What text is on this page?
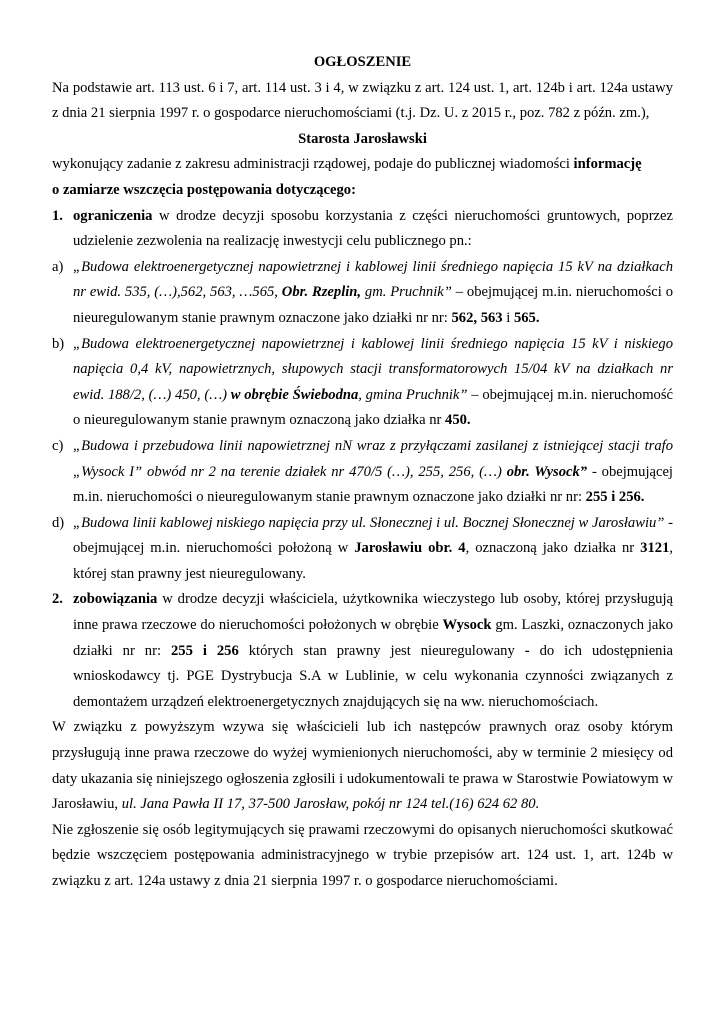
OGŁOSZENIE

Na podstawie art. 113 ust. 6 i 7, art. 114 ust. 3 i 4, w związku z art. 124 ust. 1, art. 124b i art. 124a ustawy z dnia 21 sierpnia 1997 r. o gospodarce nieruchomościami (t.j. Dz. U. z 2015 r., poz. 782 z późn. zm.),

Starosta Jarosławski

wykonujący zadanie z zakresu administracji rządowej, podaje do publicznej wiadomości informację
o zamiarze wszczęcia postępowania dotyczącego:

1. ograniczenia w drodze decyzji sposobu korzystania z części nieruchomości gruntowych, poprzez udzielenie zezwolenia na realizację inwestycji celu publicznego pn.:
a) „Budowa elektroenergetycznej napowietrznej i kablowej linii średniego napięcia 15 kV na działkach nr ewid. 535, (…),562, 563, …565, Obr. Rzeplin, gm. Pruchnik” – obejmującej m.in. nieruchomości o nieuregulowanym stanie prawnym oznaczone jako działki nr nr: 562, 563 i 565.
b) „Budowa elektroenergetycznej napowietrznej i kablowej linii średniego napięcia 15 kV i niskiego napięcia 0,4 kV, napowietrznych, słupowych stacji transformatorowych 15/04 kV na działkach nr ewid. 188/2, (…) 450, (…) w obrębie Świebodna, gmina Pruchnik” – obejmującej m.in. nieruchomość o nieuregulowanym stanie prawnym oznaczoną jako działka nr 450.
c) „Budowa i przebudowa linii napowietrznej nN wraz z przyłączami zasilanej z istniejącej stacji trafo „Wysock I” obwód nr 2 na terenie działek nr 470/5 (…), 255, 256, (…) obr. Wysock” - obejmującej m.in. nieruchomości o nieuregulowanym stanie prawnym oznaczone jako działki nr nr: 255 i 256.
d) „Budowa linii kablowej niskiego napięcia przy ul. Słonecznej i ul. Bocznej Słonecznej w Jarosławiu” - obejmującej m.in. nieruchomości położoną w Jarosławiu obr. 4, oznaczoną jako działka nr 3121, której stan prawny jest nieuregulowany.
2. zobowiązania w drodze decyzji właściciela, użytkownika wieczystego lub osoby, której przysługują inne prawa rzeczowe do nieruchomości położonych w obrębie Wysock gm. Laszki, oznaczonych jako działki nr nr: 255 i 256 których stan prawny jest nieuregulowany - do ich udostępnienia wnioskodawcy tj. PGE Dystrybucja S.A w Lublinie, w celu wykonania czynności związanych z demontażem urządzeń elektroenergetycznych znajdujących się na ww. nieruchomościach.

W związku z powyższym wzywa się właścicieli lub ich następców prawnych oraz osoby którym przysługują inne prawa rzeczowe do wyżej wymienionych nieruchomości, aby w terminie 2 miesięcy od daty ukazania się niniejszego ogłoszenia zgłosili i udokumentowali te prawa w Starostwie Powiatowym w Jarosławiu, ul. Jana Pawła II 17, 37-500 Jarosław, pokój nr 124 tel.(16) 624 62 80.

Nie zgłoszenie się osób legitymujących się prawami rzeczowymi do opisanych nieruchomości skutkować będzie wszczęciem postępowania administracyjnego w trybie przepisów art. 124 ust. 1, art. 124b w związku z art. 124a ustawy z dnia 21 sierpnia 1997 r. o gospodarce nieruchomościami.
